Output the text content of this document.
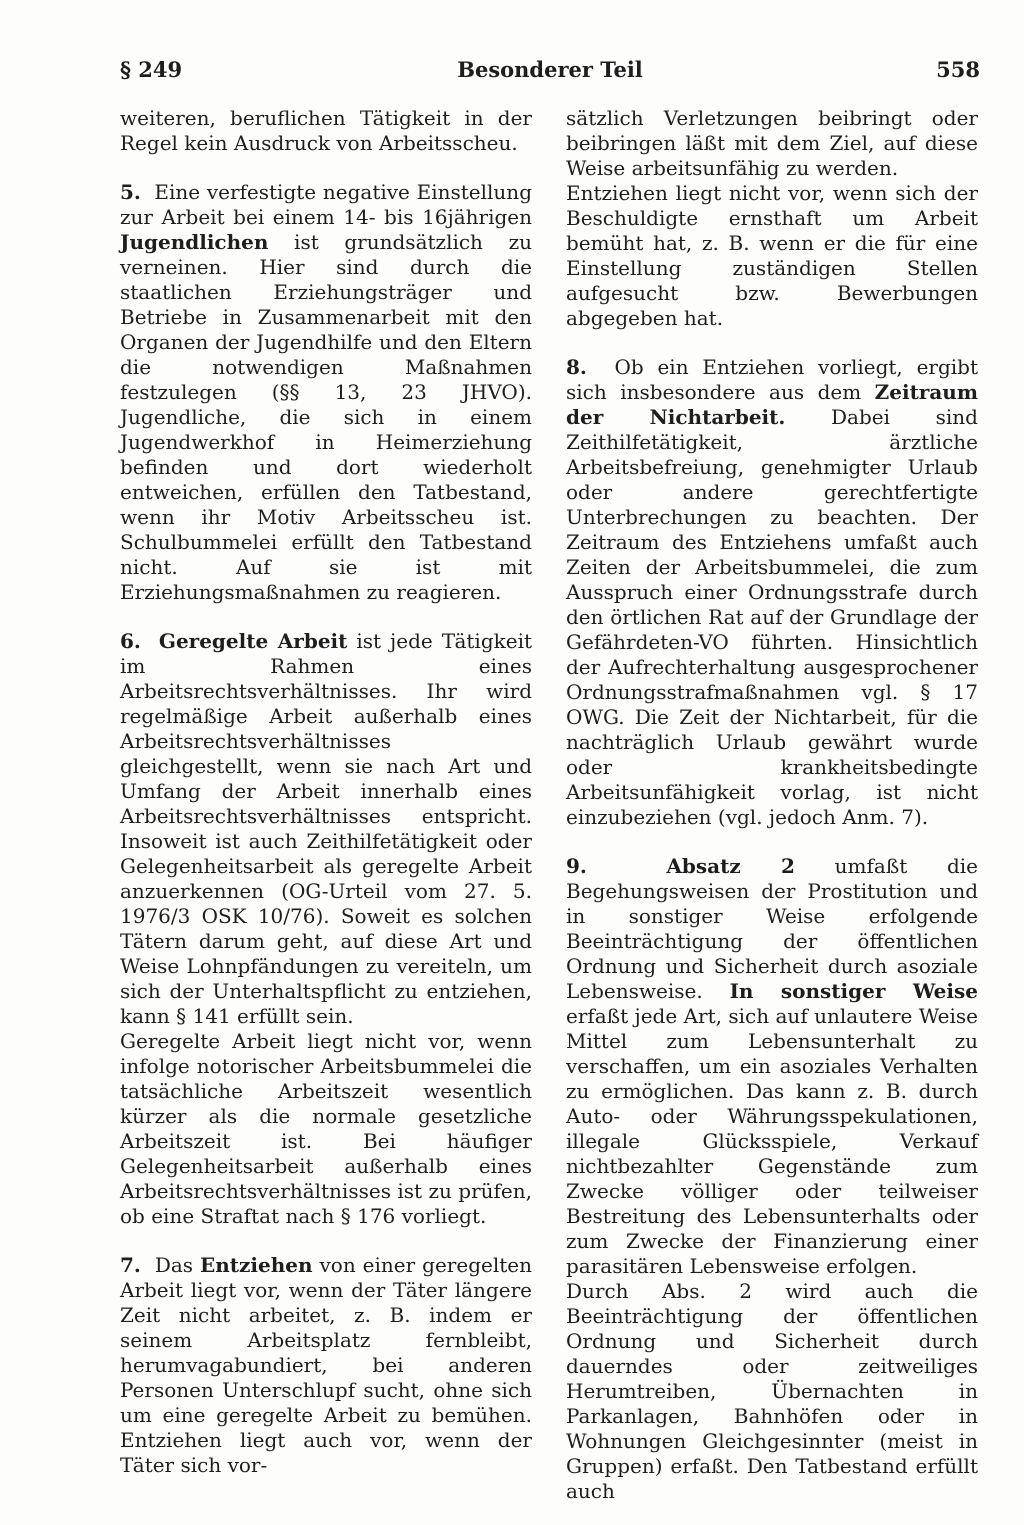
§ 249	Besonderer Teil	558

weiteren, beruflichen Tätigkeit in der Regel kein Ausdruck von Arbeitsscheu.

5. Eine verfestigte negative Einstellung zur Arbeit bei einem 14- bis 16jährigen Jugendlichen ist grundsätzlich zu verneinen. Hier sind durch die staatlichen Erziehungsträger und Betriebe in Zusammenarbeit mit den Organen der Jugendhilfe und den Eltern die notwendigen Maßnahmen festzulegen (§§ 13, 23 JHVO). Jugendliche, die sich in einem Jugendwerkhof in Heimerziehung befinden und dort wiederholt entweichen, erfüllen den Tatbestand, wenn ihr Motiv Arbeitsscheu ist. Schulbummelei erfüllt den Tatbestand nicht. Auf sie ist mit Erziehungsmaßnahmen zu reagieren.

6. Geregelte Arbeit ist jede Tätigkeit im Rahmen eines Arbeitsrechtsverhältnisses. Ihr wird regelmäßige Arbeit außerhalb eines Arbeitsrechtsverhältnisses gleichgestellt, wenn sie nach Art und Umfang der Arbeit innerhalb eines Arbeitsrechtsverhältnisses entspricht. Insoweit ist auch Zeithilfetätigkeit oder Gelegenheitsarbeit als geregelte Arbeit anzuerkennen (OG-Urteil vom 27. 5. 1976/3 OSK 10/76). Soweit es solchen Tätern darum geht, auf diese Art und Weise Lohnpfändungen zu vereiteln, um sich der Unterhaltspflicht zu entziehen, kann § 141 erfüllt sein.

Geregelte Arbeit liegt nicht vor, wenn infolge notorischer Arbeitsbummelei die tatsächliche Arbeitszeit wesentlich kürzer als die normale gesetzliche Arbeitszeit ist. Bei häufiger Gelegenheitsarbeit außerhalb eines Arbeitsrechtsverhältnisses ist zu prüfen, ob eine Straftat nach § 176 vorliegt.

7. Das Entziehen von einer geregelten Arbeit liegt vor, wenn der Täter längere Zeit nicht arbeitet, z. B. indem er seinem Arbeitsplatz fernbleibt, herumvagabundiert, bei anderen Personen Unterschlupf sucht, ohne sich um eine geregelte Arbeit zu bemühen. Entziehen liegt auch vor, wenn der Täter sich vor-

sätzlich Verletzungen beibringt oder beibringen läßt mit dem Ziel, auf diese Weise arbeitsunfähig zu werden.

Entziehen liegt nicht vor, wenn sich der Beschuldigte ernsthaft um Arbeit bemüht hat, z. B. wenn er die für eine Einstellung zuständigen Stellen aufgesucht bzw. Bewerbungen abgegeben hat.

8. Ob ein Entziehen vorliegt, ergibt sich insbesondere aus dem Zeitraum der Nichtarbeit. Dabei sind Zeithilfetätigkeit, ärztliche Arbeitsbefreiung, genehmigter Urlaub oder andere gerechtfertigte Unterbrechungen zu beachten. Der Zeitraum des Entziehens umfaßt auch Zeiten der Arbeitsbummelei, die zum Ausspruch einer Ordnungsstrafe durch den örtlichen Rat auf der Grundlage der Gefährdeten-VO führten. Hinsichtlich der Aufrechterhaltung ausgesprochener Ordnungsstrafmaßnahmen vgl. § 17 OWG. Die Zeit der Nichtarbeit, für die nachträglich Urlaub gewährt wurde oder krankheitsbedingte Arbeitsunfähigkeit vorlag, ist nicht einzubeziehen (vgl. jedoch Anm. 7).

9.	Absatz 2 umfaßt die Begehungsweisen der Prostitution und in sonstiger Weise erfolgende Beeinträchtigung der öffentlichen Ordnung und Sicherheit durch asoziale Lebensweise. In sonstiger Weise erfaßt jede Art, sich auf unlautere Weise Mittel zum Lebensunterhalt zu verschaffen, um ein asoziales Verhalten zu ermöglichen. Das kann z. B. durch Auto- oder Währungsspekulationen, illegale Glücksspiele, Verkauf nichtbezahlter Gegenstände zum Zwecke völliger oder teilweiser Bestreitung des Lebensunterhalts oder zum Zwecke der Finanzierung einer parasitären Lebensweise erfolgen.

Durch Abs. 2 wird auch die Beeinträchtigung der öffentlichen Ordnung und Sicherheit durch dauerndes oder zeitweiliges Herumtreiben, Übernachten in Parkanlagen, Bahnhöfen oder in Wohnungen Gleichgesinnter (meist in Gruppen) erfaßt. Den Tatbestand erfüllt auch
